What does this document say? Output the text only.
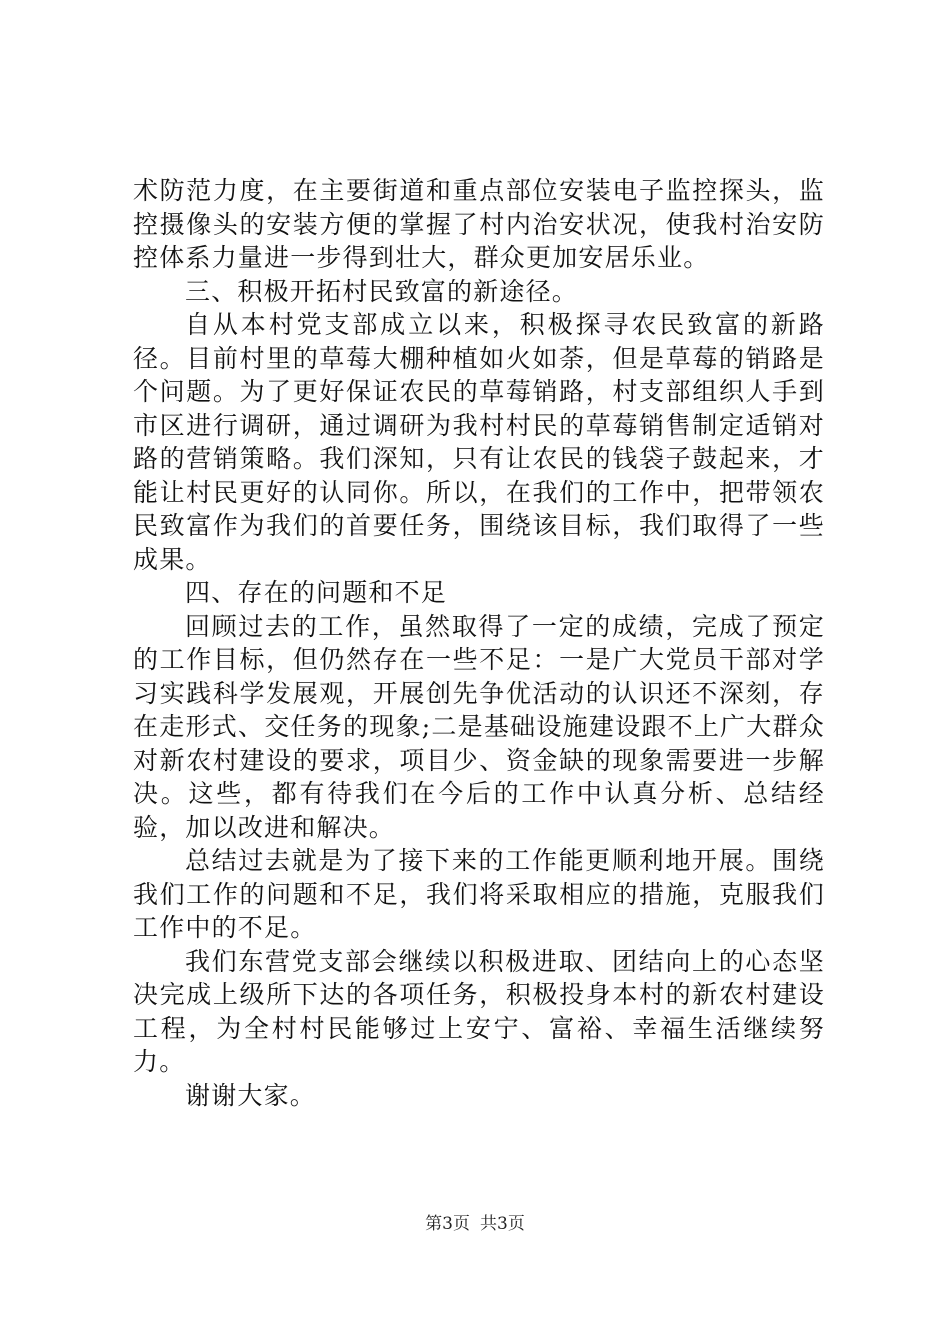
术防范力度，在主要街道和重点部位安装电子监控探头，监控摄像头的安装方便的掌握了村内治安状况，使我村治安防控体系力量进一步得到壮大，群众更加安居乐业。

三、积极开拓村民致富的新途径。

自从本村党支部成立以来，积极探寻农民致富的新路径。目前村里的草莓大棚种植如火如荼，但是草莓的销路是个问题。为了更好保证农民的草莓销路，村支部组织人手到市区进行调研，通过调研为我村村民的草莓销售制定适销对路的营销策略。我们深知，只有让农民的钱袋子鼓起来，才能让村民更好的认同你。所以，在我们的工作中，把带领农民致富作为我们的首要任务，围绕该目标，我们取得了一些成果。

四、存在的问题和不足

回顾过去的工作，虽然取得了一定的成绩，完成了预定的工作目标，但仍然存在一些不足：一是广大党员干部对学习实践科学发展观，开展创先争优活动的认识还不深刻，存在走形式、交任务的现象;二是基础设施建设跟不上广大群众对新农村建设的要求，项目少、资金缺的现象需要进一步解决。这些，都有待我们在今后的工作中认真分析、总结经验，加以改进和解决。

总结过去就是为了接下来的工作能更顺利地开展。围绕我们工作的问题和不足，我们将采取相应的措施，克服我们工作中的不足。

我们东营党支部会继续以积极进取、团结向上的心态坚决完成上级所下达的各项任务，积极投身本村的新农村建设工程，为全村村民能够过上安宁、富裕、幸福生活继续努力。

谢谢大家。

第3页 共3页
